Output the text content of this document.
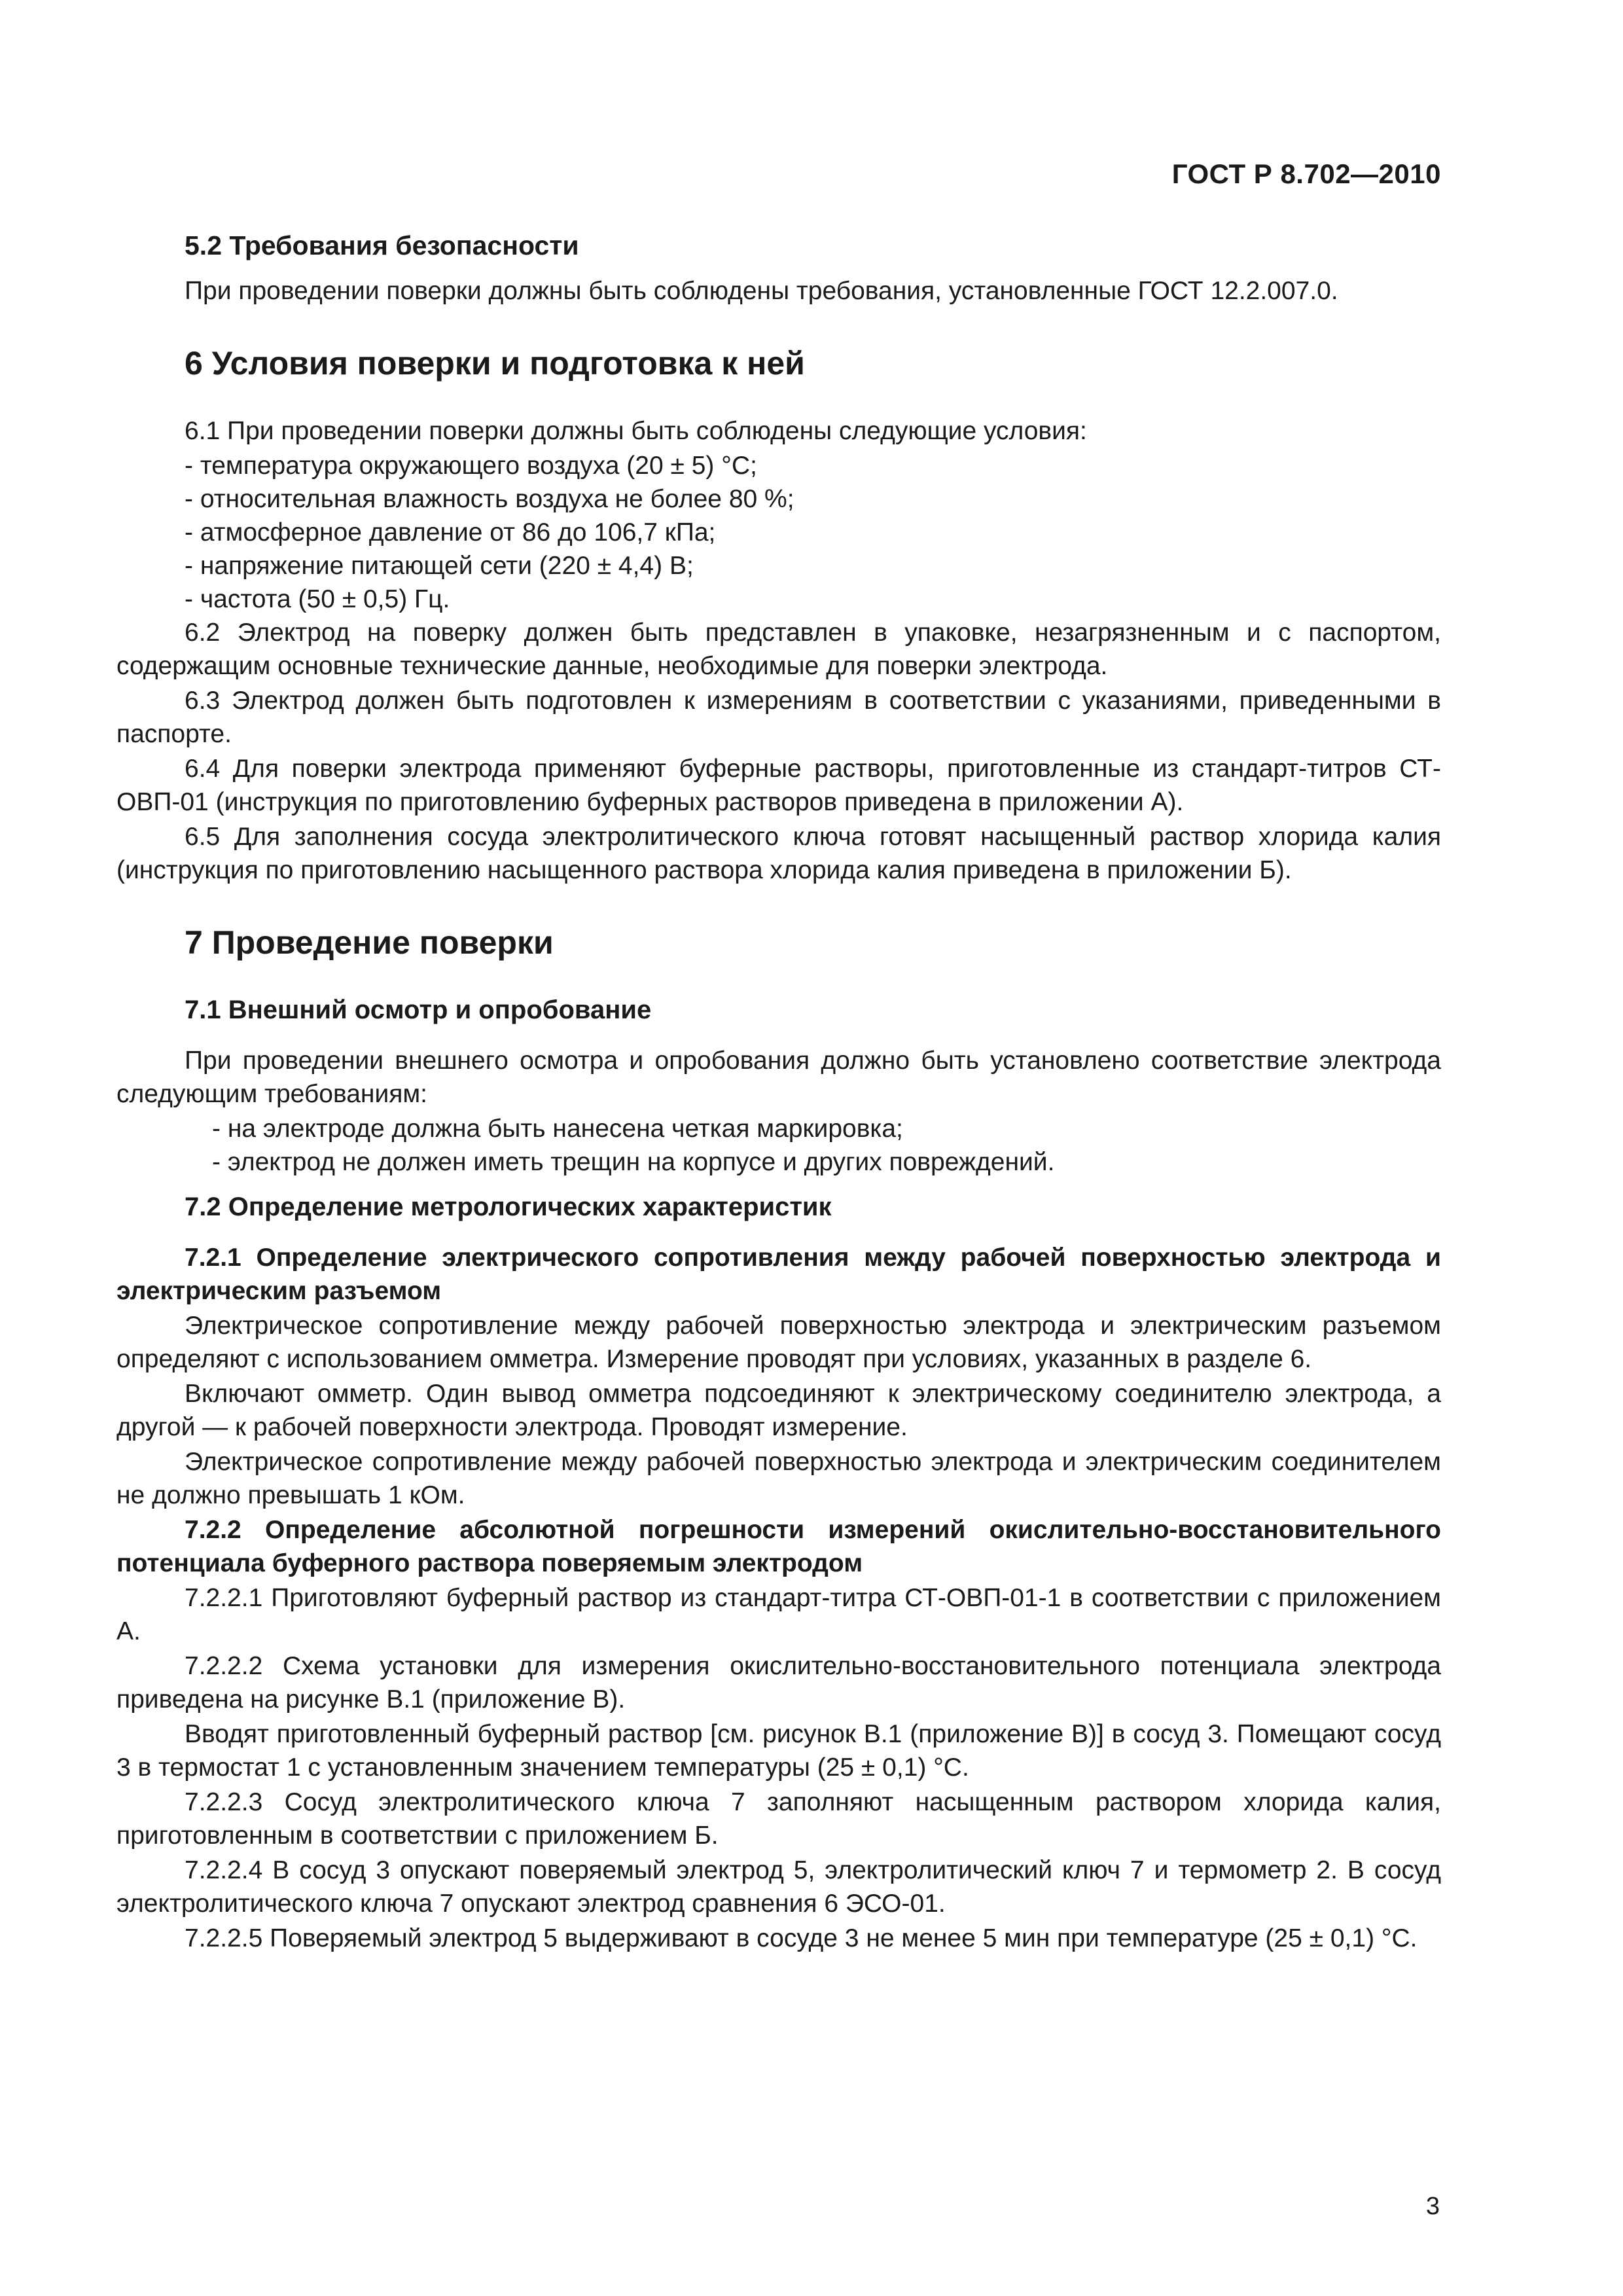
ГОСТ Р 8.702—2010
5.2 Требования безопасности

При проведении поверки должны быть соблюдены требования, установленные ГОСТ 12.2.007.0.

6 Условия поверки и подготовка к ней

6.1 При проведении поверки должны быть соблюдены следующие условия:

- температура окружающего воздуха (20 ± 5) °С;

- относительная влажность воздуха не более 80 %;

- атмосферное давление от 86 до 106,7 кПа;

- напряжение питающей сети (220 ± 4,4) В;

- частота (50 ± 0,5) Гц.

6.2 Электрод на поверку должен быть представлен в упаковке, незагрязненным и с паспортом, содержащим основные технические данные, необходимые для поверки электрода.

6.3 Электрод должен быть подготовлен к измерениям в соответствии с указаниями, приведенными в паспорте.

6.4 Для поверки электрода применяют буферные растворы, приготовленные из стандарт-титров СТ-ОВП-01 (инструкция по приготовлению буферных растворов приведена в приложении А).

6.5 Для заполнения сосуда электролитического ключа готовят насыщенный раствор хлорида калия (инструкция по приготовлению насыщенного раствора хлорида калия приведена в приложении Б).

7 Проведение поверки
7.1 Внешний осмотр и опробование

При проведении внешнего осмотра и опробования должно быть установлено соответствие электрода следующим требованиям:

- на электроде должна быть нанесена четкая маркировка;

- электрод не должен иметь трещин на корпусе и других повреждений.

7.2 Определение метрологических характеристик

7.2.1 Определение электрического сопротивления между рабочей поверхностью электрода и электрическим разъемом

Электрическое сопротивление между рабочей поверхностью электрода и электрическим разъемом определяют с использованием омметра. Измерение проводят при условиях, указанных в разделе 6.

Включают омметр. Один вывод омметра подсоединяют к электрическому соединителю электрода, а другой — к рабочей поверхности электрода. Проводят измерение.

Электрическое сопротивление между рабочей поверхностью электрода и электрическим соединителем не должно превышать 1 кОм.

7.2.2 Определение абсолютной погрешности измерений окислительно-восстановительного потенциала буферного раствора поверяемым электродом

7.2.2.1 Приготовляют буферный раствор из стандарт-титра СТ-ОВП-01-1 в соответствии с приложением А.

7.2.2.2 Схема установки для измерения окислительно-восстановительного потенциала электрода приведена на рисунке В.1 (приложение В).

Вводят приготовленный буферный раствор [см. рисунок В.1 (приложение В)] в сосуд 3. Помещают сосуд 3 в термостат 1 с установленным значением температуры (25 ± 0,1) °С.

7.2.2.3 Сосуд электролитического ключа 7 заполняют насыщенным раствором хлорида калия, приготовленным в соответствии с приложением Б.

7.2.2.4 В сосуд 3 опускают поверяемый электрод 5, электролитический ключ 7 и термометр 2. В сосуд электролитического ключа 7 опускают электрод сравнения 6 ЭСО-01.

7.2.2.5 Поверяемый электрод 5 выдерживают в сосуде 3 не менее 5 мин при температуре (25 ± 0,1) °С.

3
